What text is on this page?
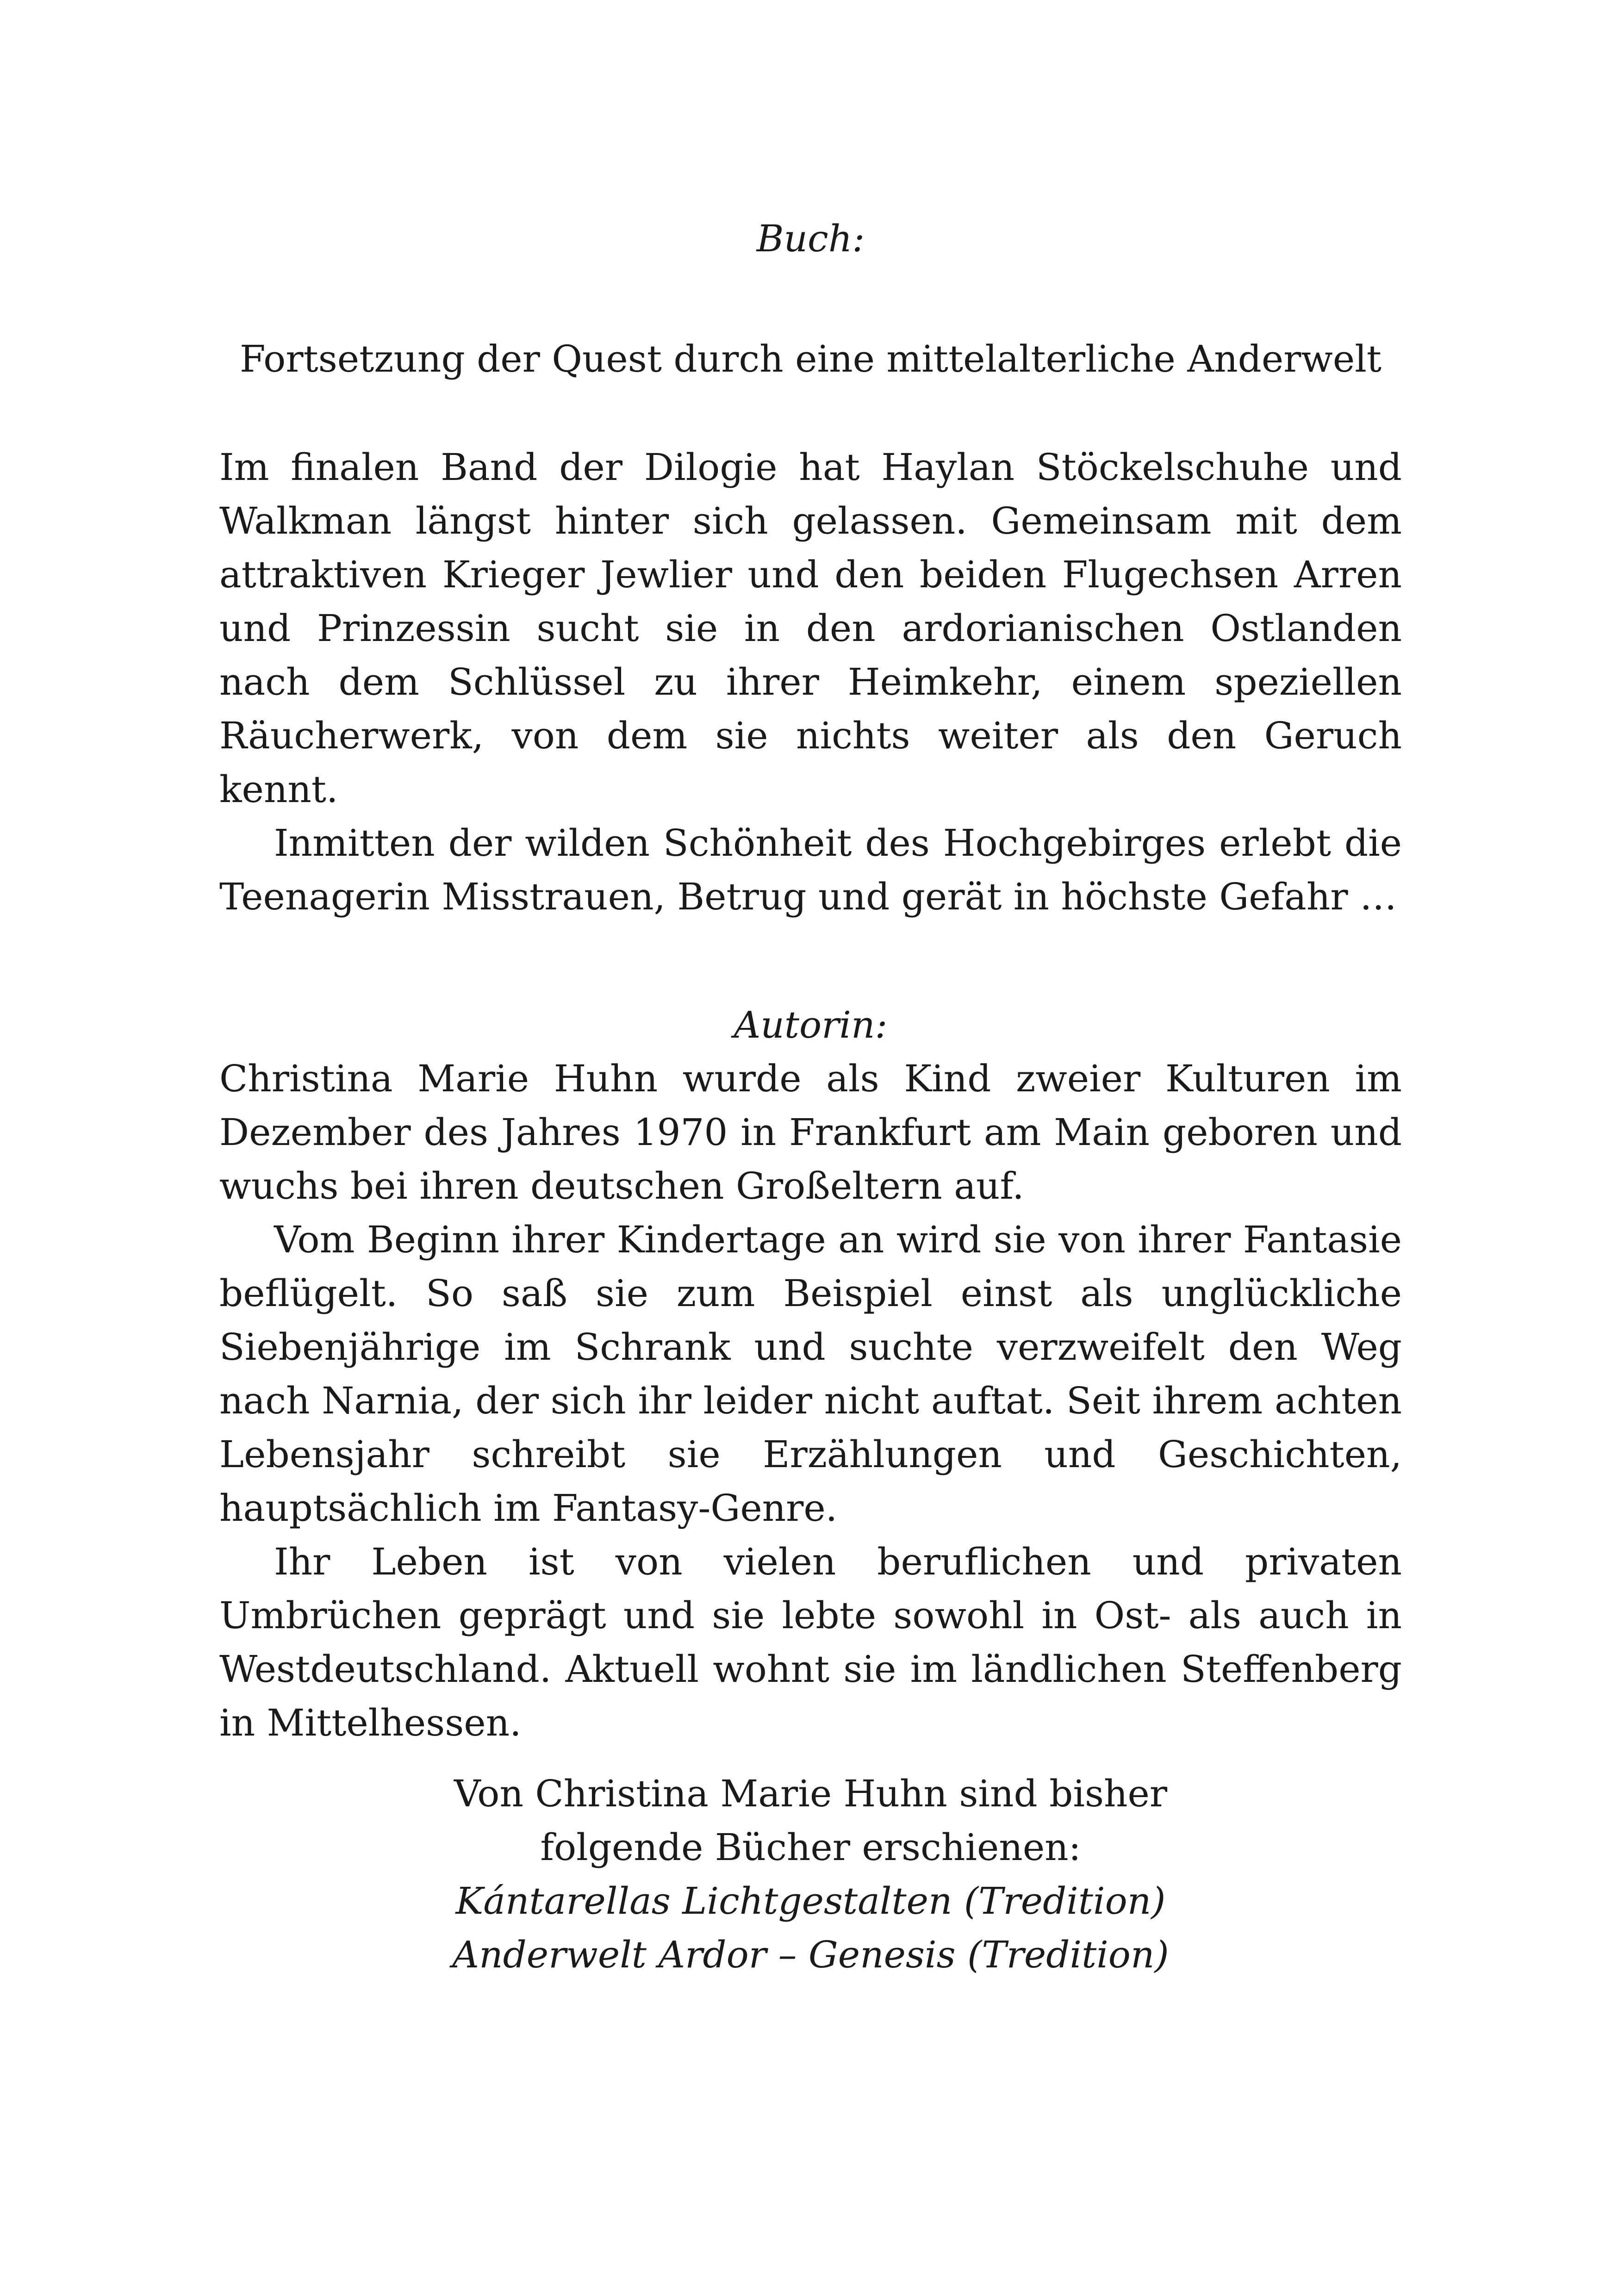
Buch:
Fortsetzung der Quest durch eine mittelalterliche Anderwelt

Im finalen Band der Dilogie hat Haylan Stöckelschuhe und Walkman längst hinter sich gelassen. Gemeinsam mit dem attraktiven Krieger Jewlier und den beiden Flugechsen Arren und Prinzessin sucht sie in den ardorianischen Ostlanden nach dem Schlüssel zu ihrer Heimkehr, einem speziellen Räucherwerk, von dem sie nichts weiter als den Geruch kennt.

Inmitten der wilden Schönheit des Hochgebirges erlebt die Teenagerin Misstrauen, Betrug und gerät in höchste Gefahr …

Autorin:

Christina Marie Huhn wurde als Kind zweier Kulturen im Dezember des Jahres 1970 in Frankfurt am Main geboren und wuchs bei ihren deutschen Großeltern auf.

Vom Beginn ihrer Kindertage an wird sie von ihrer Fantasie beflügelt. So saß sie zum Beispiel einst als unglückliche Siebenjährige im Schrank und suchte verzweifelt den Weg nach Narnia, der sich ihr leider nicht auftat. Seit ihrem achten Lebensjahr schreibt sie Erzählungen und Geschichten, hauptsächlich im Fantasy-Genre.

Ihr Leben ist von vielen beruflichen und privaten Umbrüchen geprägt und sie lebte sowohl in Ost- als auch in Westdeutschland. Aktuell wohnt sie im ländlichen Steffenberg in Mittelhessen.

Von Christina Marie Huhn sind bisher
folgende Bücher erschienen:
Kántarellas Lichtgestalten (Tredition)
Anderwelt Ardor – Genesis (Tredition)
